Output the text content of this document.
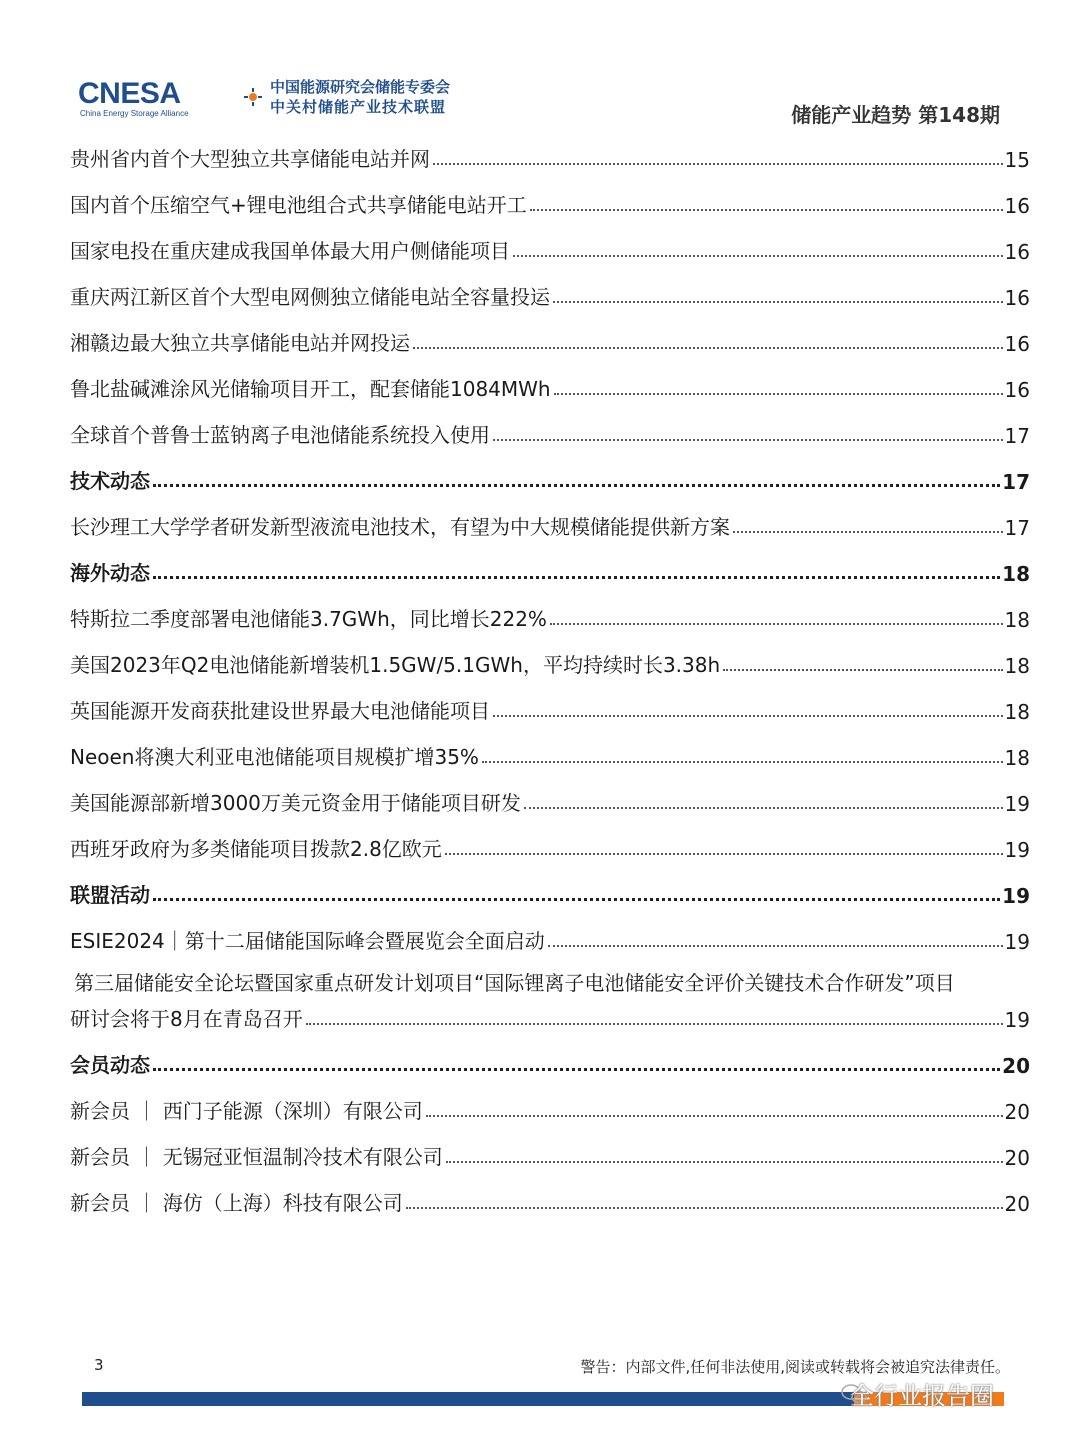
CNESA
China Energy Storage Alliance
中国能源研究会储能专委会
中关村储能产业技术联盟	储能产业趋势 第148期
贵州省内首个大型独立共享储能电站并网	15
国内首个压缩空气+锂电池组合式共享储能电站开工	16
国家电投在重庆建成我国单体最大用户侧储能项目	16
重庆两江新区首个大型电网侧独立储能电站全容量投运	16
湘赣边最大独立共享储能电站并网投运	16
鲁北盐碱滩涂风光储输项目开工，配套储能1084MWh	16
全球首个普鲁士蓝钠离子电池储能系统投入使用	17
技术动态	17
长沙理工大学学者研发新型液流电池技术，有望为中大规模储能提供新方案	17
海外动态	18
特斯拉二季度部署电池储能3.7GWh，同比增长222%	18
美国2023年Q2电池储能新增装机1.5GW/5.1GWh，平均持续时长3.38h	18
英国能源开发商获批建设世界最大电池储能项目	18
Neoen将澳大利亚电池储能项目规模扩增35%	18
美国能源部新增3000万美元资金用于储能项目研发	19
西班牙政府为多类储能项目拨款2.8亿欧元	19
联盟活动	19
ESIE2024｜第十二届储能国际峰会暨展览会全面启动	19
第三届储能安全论坛暨国家重点研发计划项目“国际锂离子电池储能安全评价关键技术合作研发”项目
研讨会将于8月在青岛召开	19
会员动态	20
新会员 ｜ 西门子能源（深圳）有限公司	20
新会员 ｜ 无锡冠亚恒温制冷技术有限公司	20
新会员 ｜ 海仿（上海）科技有限公司	20
3	警告：内部文件,任何非法使用,阅读或转载将会被追究法律责任。
全行业报告圈
